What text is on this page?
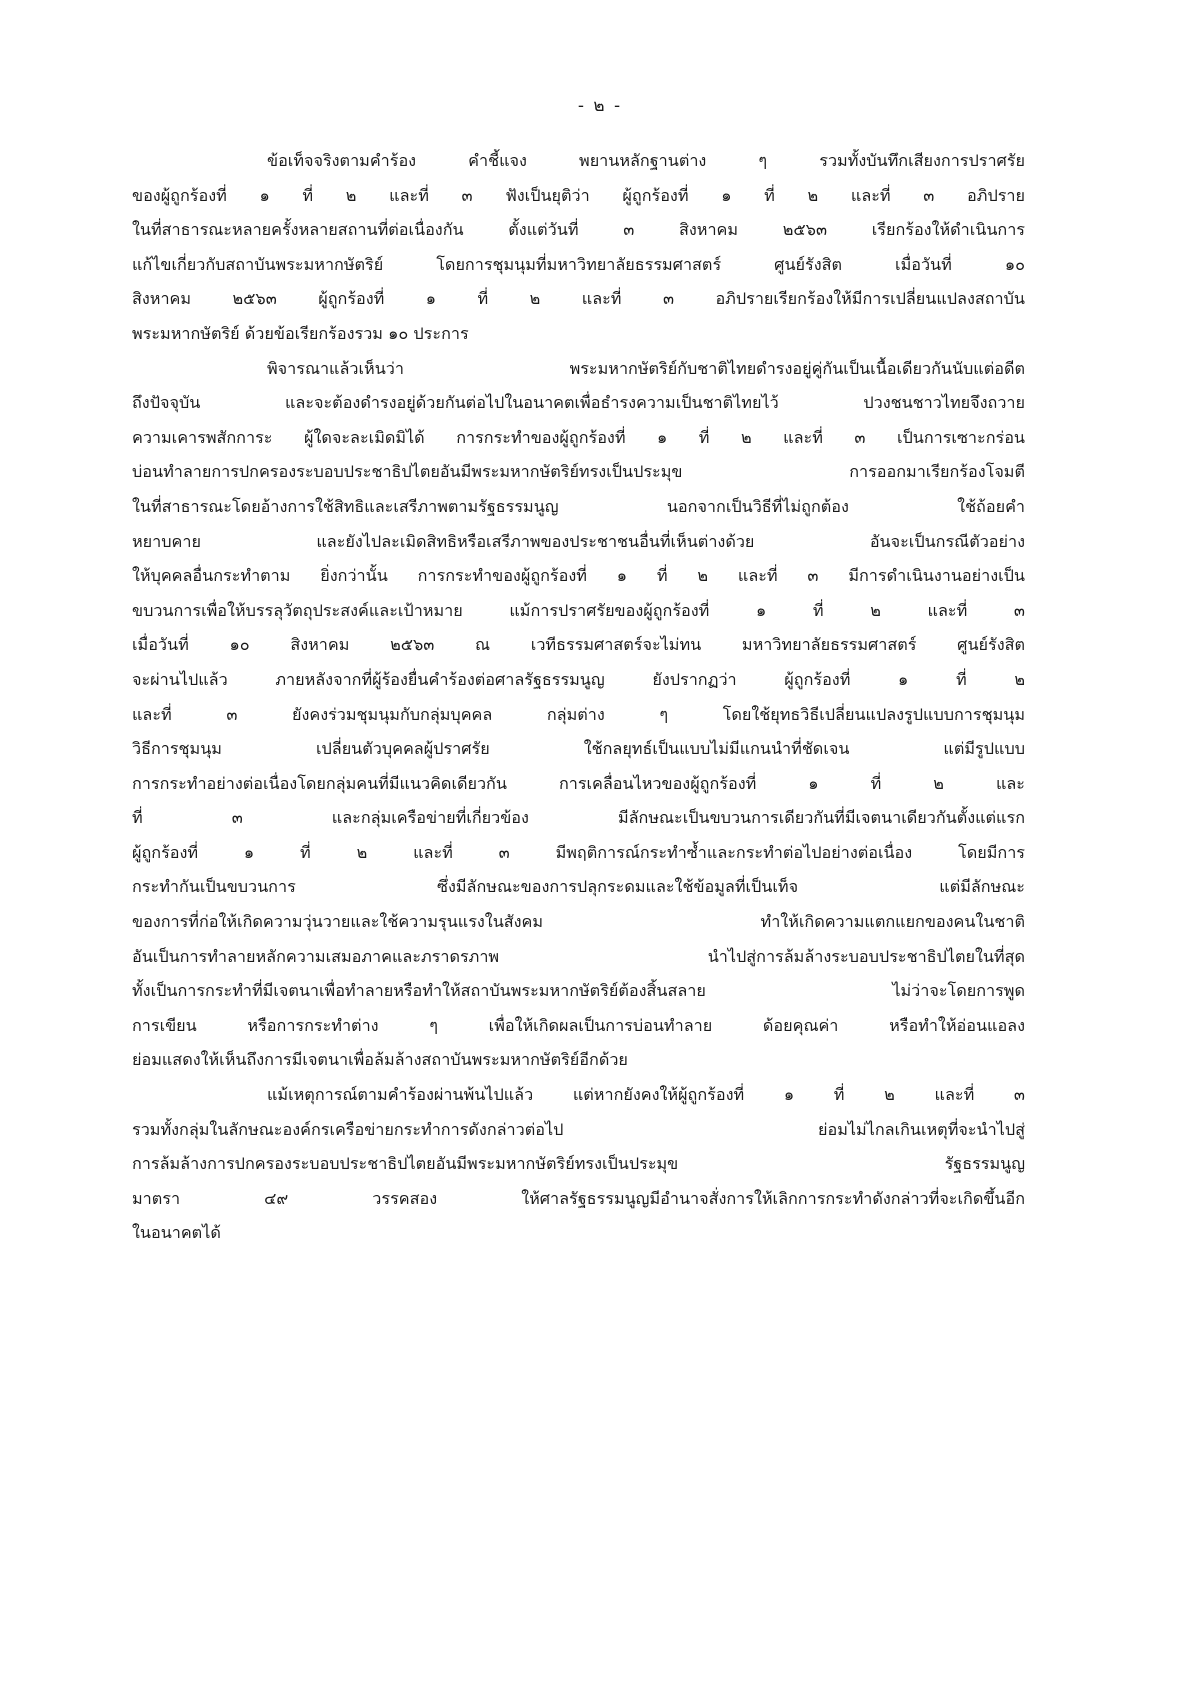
- ๒ -
ข้อเท็จจริงตามคำร้อง คำชี้แจง พยานหลักฐานต่าง ๆ รวมทั้งบันทึกเสียงการปราศรัย
ของผู้ถูกร้องที่ ๑ ที่ ๒ และที่ ๓ ฟังเป็นยุติว่า ผู้ถูกร้องที่ ๑ ที่ ๒ และที่ ๓ อภิปราย
ในที่สาธารณะหลายครั้งหลายสถานที่ต่อเนื่องกัน ตั้งแต่วันที่ ๓ สิงหาคม ๒๕๖๓ เรียกร้องให้ดำเนินการ
แก้ไขเกี่ยวกับสถาบันพระมหากษัตริย์ โดยการชุมนุมที่มหาวิทยาลัยธรรมศาสตร์ ศูนย์รังสิต เมื่อวันที่ ๑๐
สิงหาคม ๒๕๖๓ ผู้ถูกร้องที่ ๑ ที่ ๒ และที่ ๓ อภิปรายเรียกร้องให้มีการเปลี่ยนแปลงสถาบัน
พระมหากษัตริย์ ด้วยข้อเรียกร้องรวม ๑๐ ประการ
พิจารณาแล้วเห็นว่า พระมหากษัตริย์กับชาติไทยดำรงอยู่คู่กันเป็นเนื้อเดียวกันนับแต่อดีต
ถึงปัจจุบัน และจะต้องดำรงอยู่ด้วยกันต่อไปในอนาคตเพื่อธำรงความเป็นชาติไทยไว้ ปวงชนชาวไทยจึงถวาย
ความเคารพสักการะ ผู้ใดจะละเมิดมิได้ การกระทำของผู้ถูกร้องที่ ๑ ที่ ๒ และที่ ๓ เป็นการเซาะกร่อน
บ่อนทำลายการปกครองระบอบประชาธิปไตยอันมีพระมหากษัตริย์ทรงเป็นประมุข การออกมาเรียกร้องโจมตี
ในที่สาธารณะโดยอ้างการใช้สิทธิและเสรีภาพตามรัฐธรรมนูญ นอกจากเป็นวิธีที่ไม่ถูกต้อง ใช้ถ้อยคำ
หยาบคาย และยังไปละเมิดสิทธิหรือเสรีภาพของประชาชนอื่นที่เห็นต่างด้วย อันจะเป็นกรณีตัวอย่าง
ให้บุคคลอื่นกระทำตาม ยิ่งกว่านั้น การกระทำของผู้ถูกร้องที่ ๑ ที่ ๒ และที่ ๓ มีการดำเนินงานอย่างเป็น
ขบวนการเพื่อให้บรรลุวัตถุประสงค์และเป้าหมาย แม้การปราศรัยของผู้ถูกร้องที่ ๑ ที่ ๒ และที่ ๓
เมื่อวันที่ ๑๐ สิงหาคม ๒๕๖๓ ณ เวทีธรรมศาสตร์จะไม่ทน มหาวิทยาลัยธรรมศาสตร์ ศูนย์รังสิต
จะผ่านไปแล้ว ภายหลังจากที่ผู้ร้องยื่นคำร้องต่อศาลรัฐธรรมนูญ ยังปรากฏว่า ผู้ถูกร้องที่ ๑ ที่ ๒
และที่ ๓ ยังคงร่วมชุมนุมกับกลุ่มบุคคล กลุ่มต่าง ๆ โดยใช้ยุทธวิธีเปลี่ยนแปลงรูปแบบการชุมนุม
วิธีการชุมนุม เปลี่ยนตัวบุคคลผู้ปราศรัย ใช้กลยุทธ์เป็นแบบไม่มีแกนนำที่ชัดเจน แต่มีรูปแบบ
การกระทำอย่างต่อเนื่องโดยกลุ่มคนที่มีแนวคิดเดียวกัน การเคลื่อนไหวของผู้ถูกร้องที่ ๑ ที่ ๒ และ
ที่ ๓ และกลุ่มเครือข่ายที่เกี่ยวข้อง มีลักษณะเป็นขบวนการเดียวกันที่มีเจตนาเดียวกันตั้งแต่แรก
ผู้ถูกร้องที่ ๑ ที่ ๒ และที่ ๓ มีพฤติการณ์กระทำซ้ำและกระทำต่อไปอย่างต่อเนื่อง โดยมีการ
กระทำกันเป็นขบวนการ ซึ่งมีลักษณะของการปลุกระดมและใช้ข้อมูลที่เป็นเท็จ แต่มีลักษณะ
ของการที่ก่อให้เกิดความวุ่นวายและใช้ความรุนแรงในสังคม ทำให้เกิดความแตกแยกของคนในชาติ
อันเป็นการทำลายหลักความเสมอภาคและภราดรภาพ นำไปสู่การล้มล้างระบอบประชาธิปไตยในที่สุด
ทั้งเป็นการกระทำที่มีเจตนาเพื่อทำลายหรือทำให้สถาบันพระมหากษัตริย์ต้องสิ้นสลาย ไม่ว่าจะโดยการพูด
การเขียน หรือการกระทำต่าง ๆ เพื่อให้เกิดผลเป็นการบ่อนทำลาย ด้อยคุณค่า หรือทำให้อ่อนแอลง
ย่อมแสดงให้เห็นถึงการมีเจตนาเพื่อล้มล้างสถาบันพระมหากษัตริย์อีกด้วย
แม้เหตุการณ์ตามคำร้องผ่านพ้นไปแล้ว แต่หากยังคงให้ผู้ถูกร้องที่ ๑ ที่ ๒ และที่ ๓
รวมทั้งกลุ่มในลักษณะองค์กรเครือข่ายกระทำการดังกล่าวต่อไป ย่อมไม่ไกลเกินเหตุที่จะนำไปสู่
การล้มล้างการปกครองระบอบประชาธิปไตยอันมีพระมหากษัตริย์ทรงเป็นประมุข รัฐธรรมนูญ
มาตรา ๔๙ วรรคสอง ให้ศาลรัฐธรรมนูญมีอำนาจสั่งการให้เลิกการกระทำดังกล่าวที่จะเกิดขึ้นอีก
ในอนาคตได้
